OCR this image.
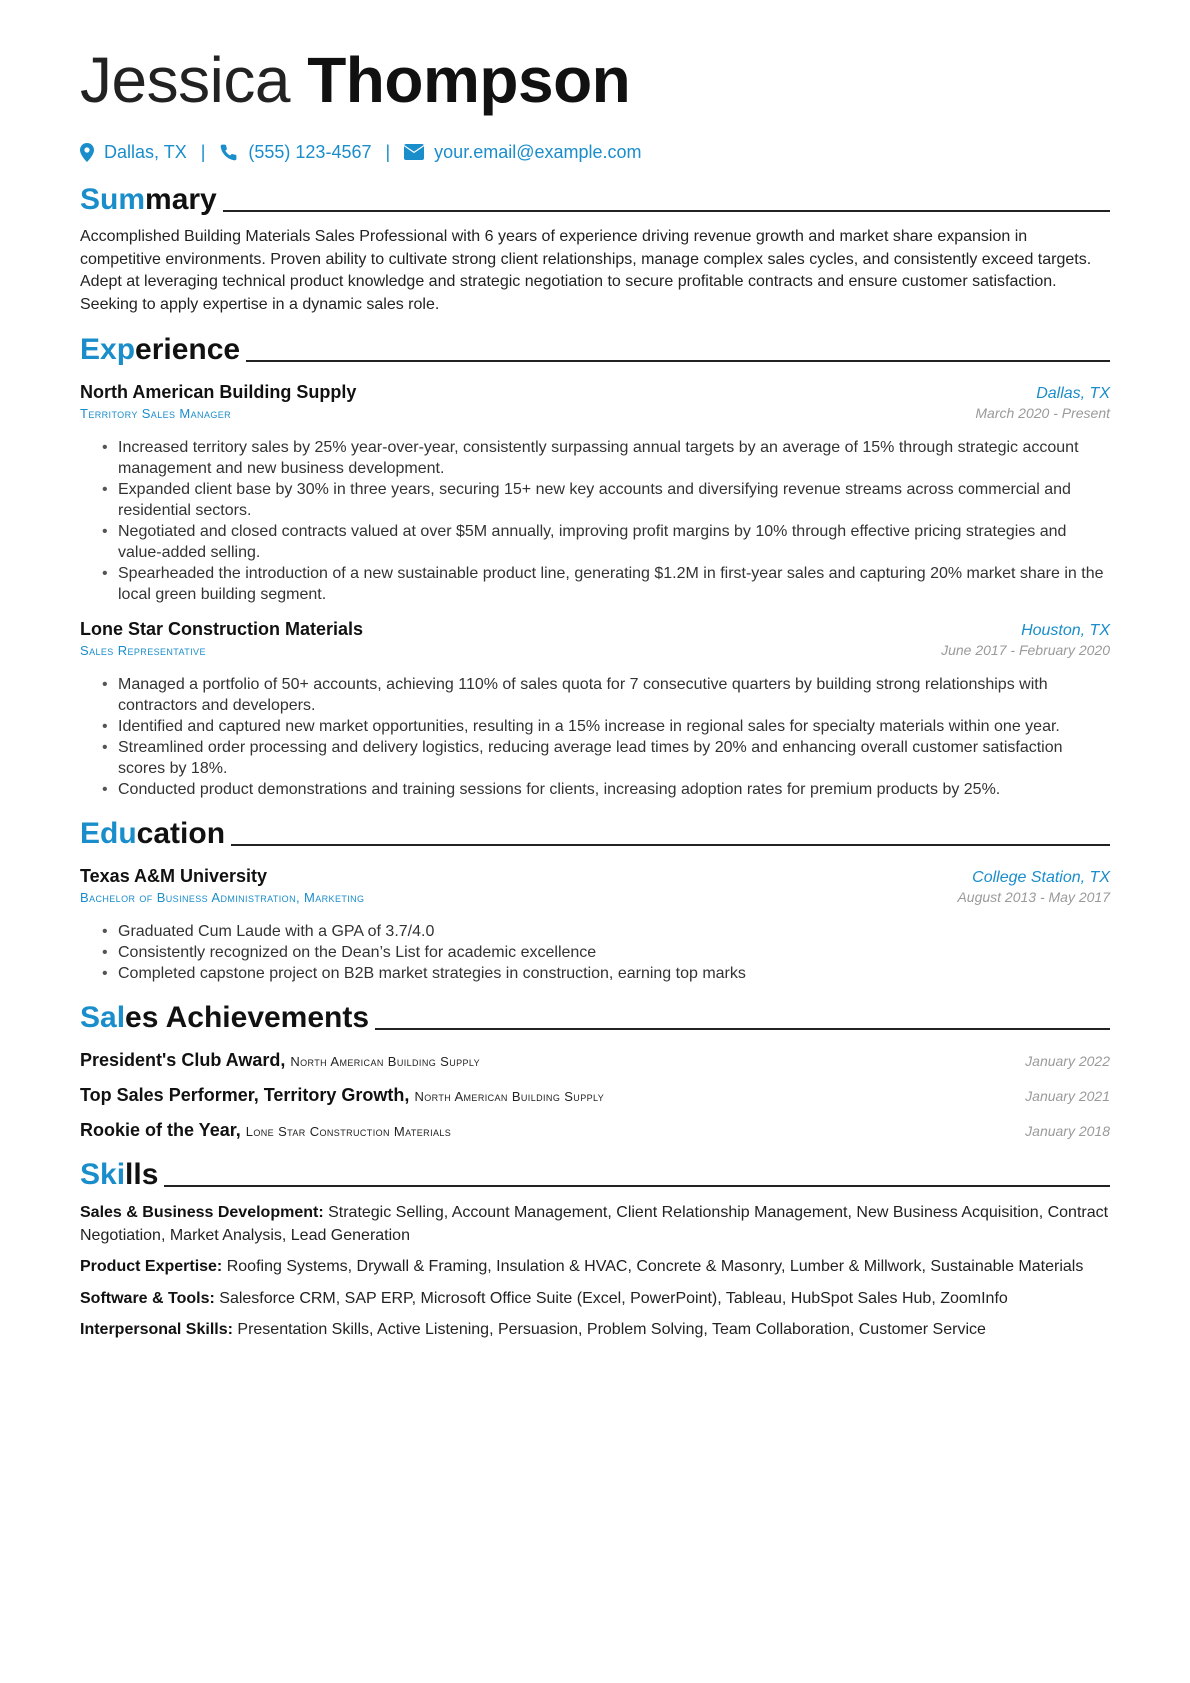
Jessica Thompson
Dallas, TX | (555) 123-4567 | your.email@example.com
Summary

Accomplished Building Materials Sales Professional with 6 years of experience driving revenue growth and market share expansion in competitive environments. Proven ability to cultivate strong client relationships, manage complex sales cycles, and consistently exceed targets. Adept at leveraging technical product knowledge and strategic negotiation to secure profitable contracts and ensure customer satisfaction. Seeking to apply expertise in a dynamic sales role.

Experience
North American Building Supply	Dallas, TX
Territory Sales Manager	March 2020 - Present
• Increased territory sales by 25% year-over-year, consistently surpassing annual targets by an average of 15% through strategic account management and new business development.
• Expanded client base by 30% in three years, securing 15+ new key accounts and diversifying revenue streams across commercial and residential sectors.
• Negotiated and closed contracts valued at over $5M annually, improving profit margins by 10% through effective pricing strategies and value-added selling.
• Spearheaded the introduction of a new sustainable product line, generating $1.2M in first-year sales and capturing 20% market share in the local green building segment.
Lone Star Construction Materials	Houston, TX
Sales Representative	June 2017 - February 2020
• Managed a portfolio of 50+ accounts, achieving 110% of sales quota for 7 consecutive quarters by building strong relationships with contractors and developers.
• Identified and captured new market opportunities, resulting in a 15% increase in regional sales for specialty materials within one year.
• Streamlined order processing and delivery logistics, reducing average lead times by 20% and enhancing overall customer satisfaction scores by 18%.
• Conducted product demonstrations and training sessions for clients, increasing adoption rates for premium products by 25%.
Education
Texas A&M University	College Station, TX
Bachelor of Business Administration, Marketing	August 2013 - May 2017
• Graduated Cum Laude with a GPA of 3.7/4.0
• Consistently recognized on the Dean’s List for academic excellence
• Completed capstone project on B2B market strategies in construction, earning top marks
Sales Achievements
President's Club Award, North American Building Supply	January 2022
Top Sales Performer, Territory Growth, North American Building Supply	January 2021
Rookie of the Year, Lone Star Construction Materials	January 2018
Skills
Sales & Business Development: Strategic Selling, Account Management, Client Relationship Management, New Business Acquisition, Contract Negotiation, Market Analysis, Lead Generation
Product Expertise: Roofing Systems, Drywall & Framing, Insulation & HVAC, Concrete & Masonry, Lumber & Millwork, Sustainable Materials
Software & Tools: Salesforce CRM, SAP ERP, Microsoft Office Suite (Excel, PowerPoint), Tableau, HubSpot Sales Hub, ZoomInfo
Interpersonal Skills: Presentation Skills, Active Listening, Persuasion, Problem Solving, Team Collaboration, Customer Service
